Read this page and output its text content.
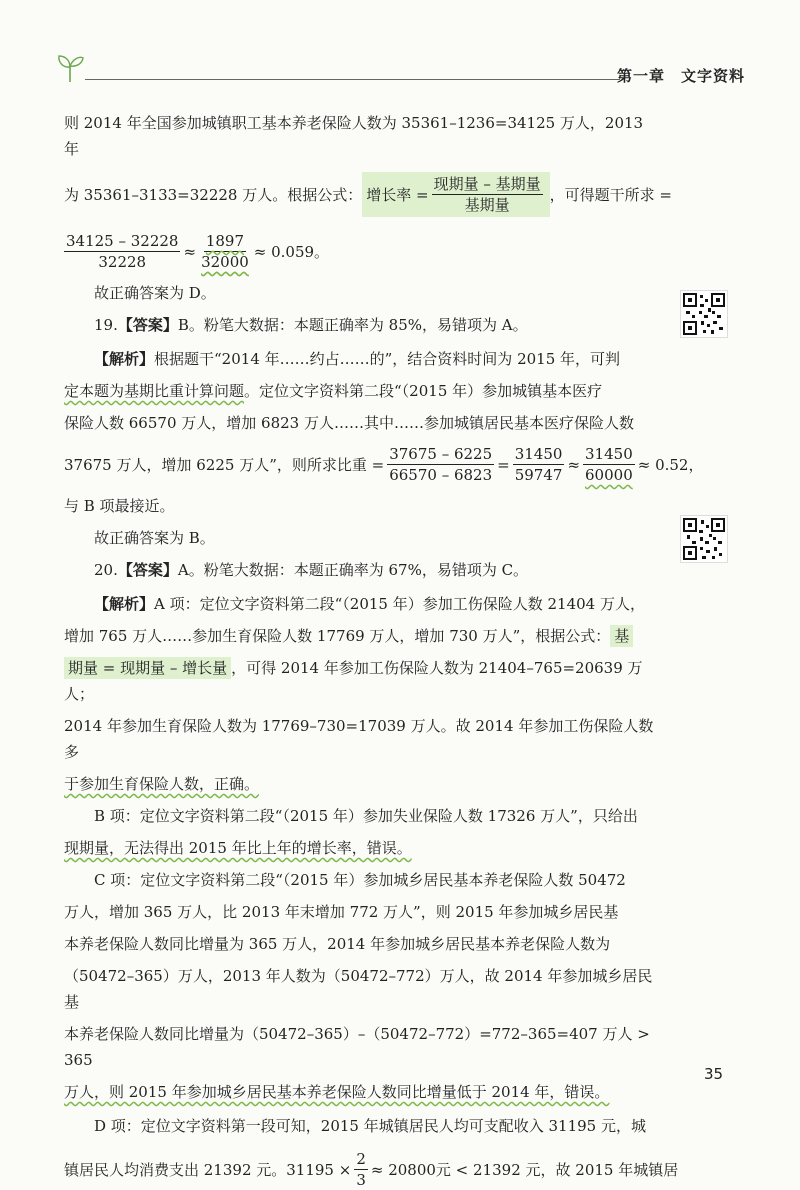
第一章 文字资料

则 2014 年全国参加城镇职工基本养老保险人数为 35361–1236=34125 万人，2013 年

为 35361–3133=32228 万人。根据公式： 增长率 = $\frac{\text{现期量 – 基期量}}{\text{基期量}}$ ，可得题干所求 =
$\frac{34125 - 32228}{32228} \approx \frac{1897}{32000} \approx 0.059$。

故正确答案为 D。

19.【答案】B。粉笔大数据：本题正确率为 85%，易错项为 A。

【解析】根据题干“2014 年……约占……的”，结合资料时间为 2015 年，可判

定本题为基期比重计算问题。定位文字资料第二段“（2015 年）参加城镇基本医疗

保险人数 66570 万人，增加 6823 万人……其中……参加城镇居民基本医疗保险人数

37675 万人，增加 6225 万人”，则所求比重 = $\frac{37675 - 6225}{66570 - 6823} = \frac{31450}{59747} \approx \frac{31450}{60000} \approx 0.52$，

与 B 项最接近。

故正确答案为 B。

20.【答案】A。粉笔大数据：本题正确率为 67%，易错项为 C。

【解析】A 项：定位文字资料第二段“（2015 年）参加工伤保险人数 21404 万人，

增加 765 万人……参加生育保险人数 17769 万人，增加 730 万人”，根据公式： 基

期量 = 现期量 – 增长量 ，可得 2014 年参加工伤保险人数为 21404–765=20639 万人；

2014 年参加生育保险人数为 17769–730=17039 万人。故 2014 年参加工伤保险人数多

于参加生育保险人数，正确。

B 项：定位文字资料第二段“（2015 年）参加失业保险人数 17326 万人”，只给出

现期量，无法得出 2015 年比上年的增长率，错误。

C 项：定位文字资料第二段“（2015 年）参加城乡居民基本养老保险人数 50472

万人，增加 365 万人，比 2013 年末增加 772 万人”，则 2015 年参加城乡居民基

本养老保险人数同比增量为 365 万人，2014 年参加城乡居民基本养老保险人数为

（50472–365）万人，2013 年人数为（50472–772）万人，故 2014 年参加城乡居民基

本养老保险人数同比增量为（50472–365）–（50472–772）=772–365=407 万人 > 365

万人，则 2015 年参加城乡居民基本养老保险人数同比增量低于 2014 年，错误。

D 项：定位文字资料第一段可知，2015 年城镇居民人均可支配收入 31195 元，城

镇居民人均消费支出 21392 元。$31195 \times \frac{2}{3} \approx 20800$元 < 21392 元，故 2015 年城镇居
35
